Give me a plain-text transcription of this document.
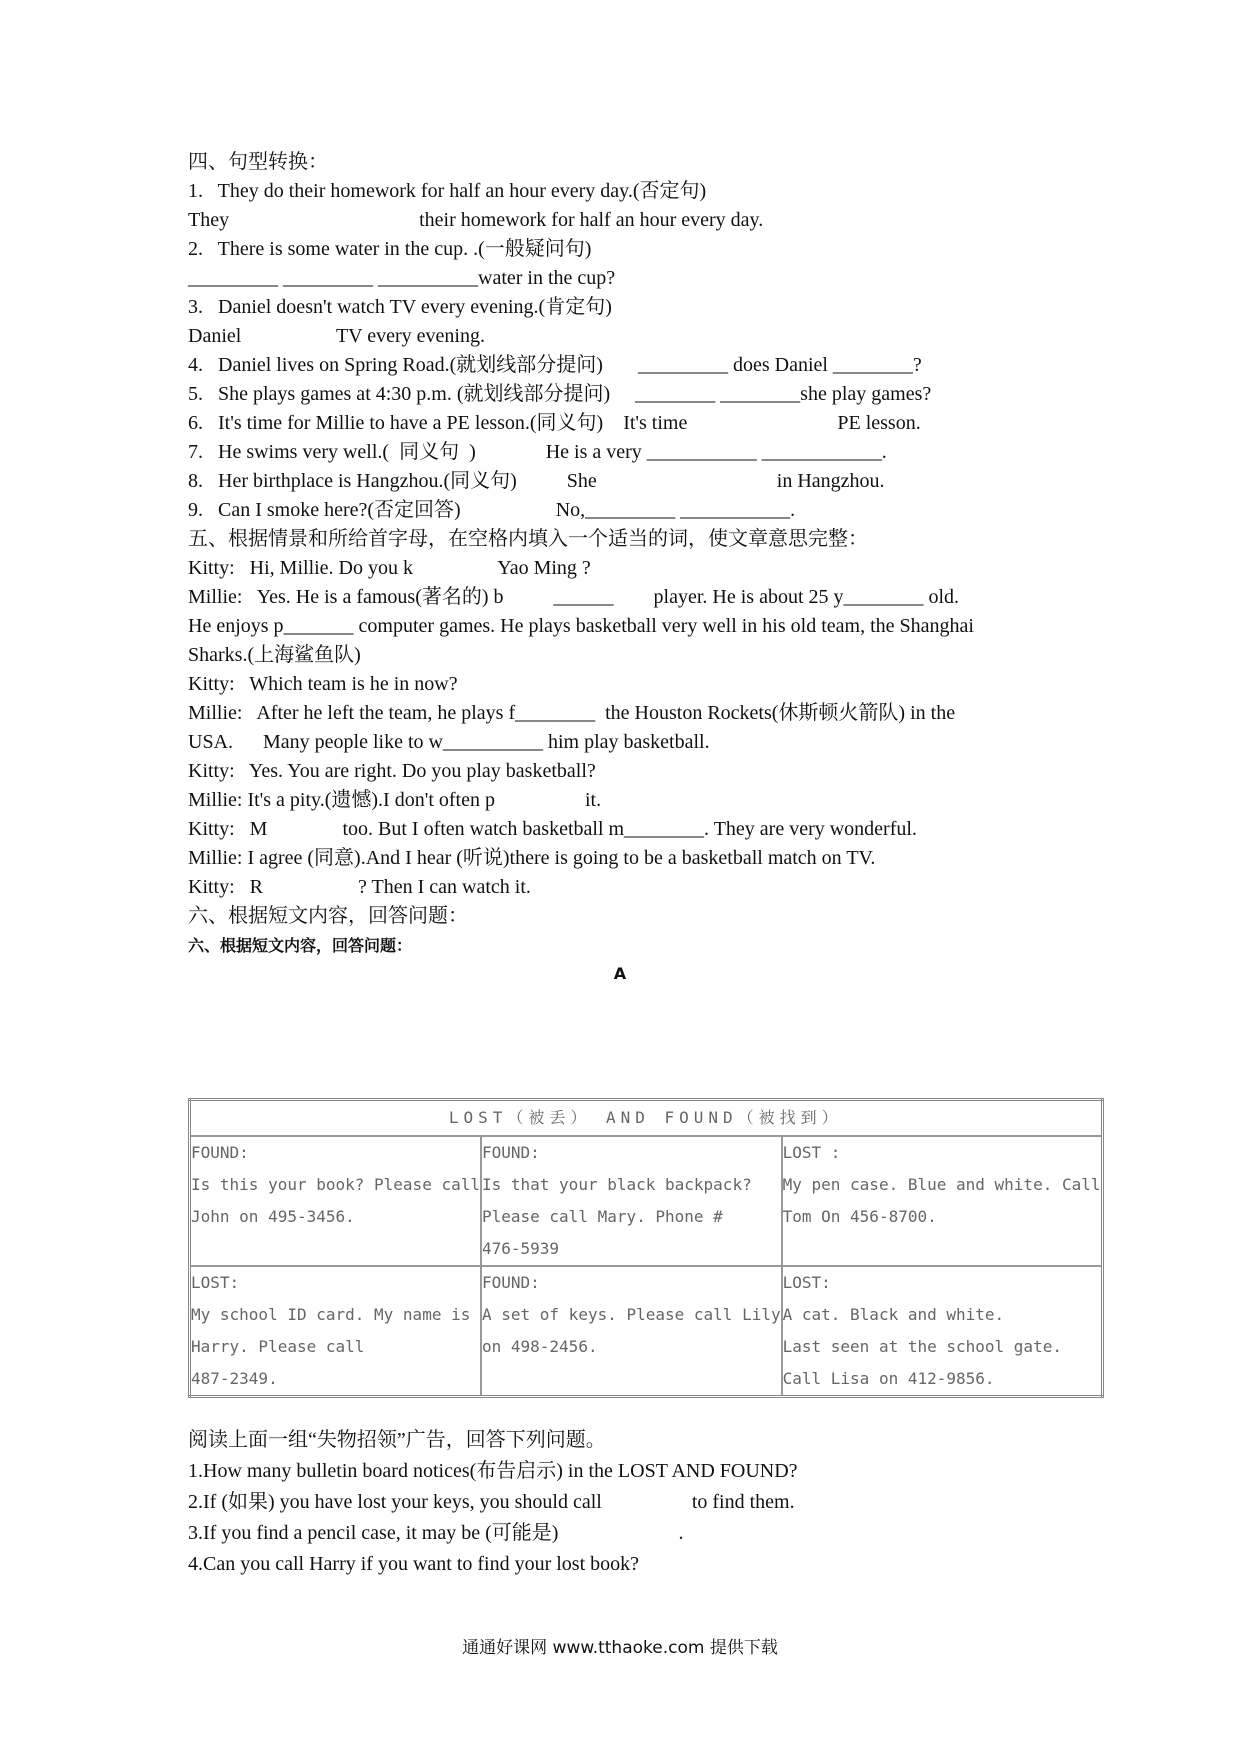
四、句型转换：
1.   They do their homework for half an hour every day.(否定句)
They                                      their homework for half an hour every day.
2.   There is some water in the cup. .(一般疑问句)
_________ _________ __________water in the cup?
3.   Daniel doesn't watch TV every evening.(肯定句)
Daniel                   TV every evening.
4.   Daniel lives on Spring Road.(就划线部分提问)       _________ does Daniel ________?
5.   She plays games at 4:30 p.m. (就划线部分提问)     ________ ________she play games?
6.   It's time for Millie to have a PE lesson.(同义句)    It's time                              PE lesson.
7.   He swims very well.(  同义句  )              He is a very ___________ ____________.
8.   Her birthplace is Hangzhou.(同义句)          She                                    in Hangzhou.
9.   Can I smoke here?(否定回答)                   No,_________ ___________.
五、根据情景和所给首字母，在空格内填入一个适当的词，使文章意思完整：
Kitty:   Hi, Millie. Do you k                 Yao Ming ?
Millie:   Yes. He is a famous(著名的) b          ______        player. He is about 25 y________ old.
He enjoys p_______ computer games. He plays basketball very well in his old team, the Shanghai
Sharks.(上海鲨鱼队)
Kitty:   Which team is he in now?
Millie:   After he left the team, he plays f________  the Houston Rockets(休斯顿火箭队) in the
USA.      Many people like to w__________ him play basketball.
Kitty:   Yes. You are right. Do you play basketball?
Millie: It's a pity.(遗憾).I don't often p                  it.
Kitty:   M               too. But I often watch basketball m________. They are very wonderful.
Millie: I agree (同意).And I hear (听说)there is going to be a basketball match on TV.
Kitty:   R                   ? Then I can watch it.
六、根据短文内容，回答问题：
六、根据短文内容，回答问题：
A
LOST（被丢） AND FOUND（被找到）		

FOUND:
Is this your book? Please call
John on 495-3456.	FOUND:
Is that your black backpack?
Please call Mary. Phone #
476-5939	LOST :
My pen case. Blue and white. Call
Tom On 456-8700.

LOST:
My school ID card. My name is
Harry. Please call
487-2349.	FOUND:
A set of keys. Please call Lily
on 498-2456.	LOST:
A cat. Black and white.
Last seen at the school gate.
Call Lisa on 412-9856.
阅读上面一组“失物招领”广告，回答下列问题。
1.How many bulletin board notices(布告启示) in the LOST AND FOUND?
2.If (如果) you have lost your keys, you should call                  to find them.
3.If you find a pencil case, it may be (可能是)                        .
4.Can you call Harry if you want to find your lost book?
通通好课网 www.tthaoke.com 提供下载
